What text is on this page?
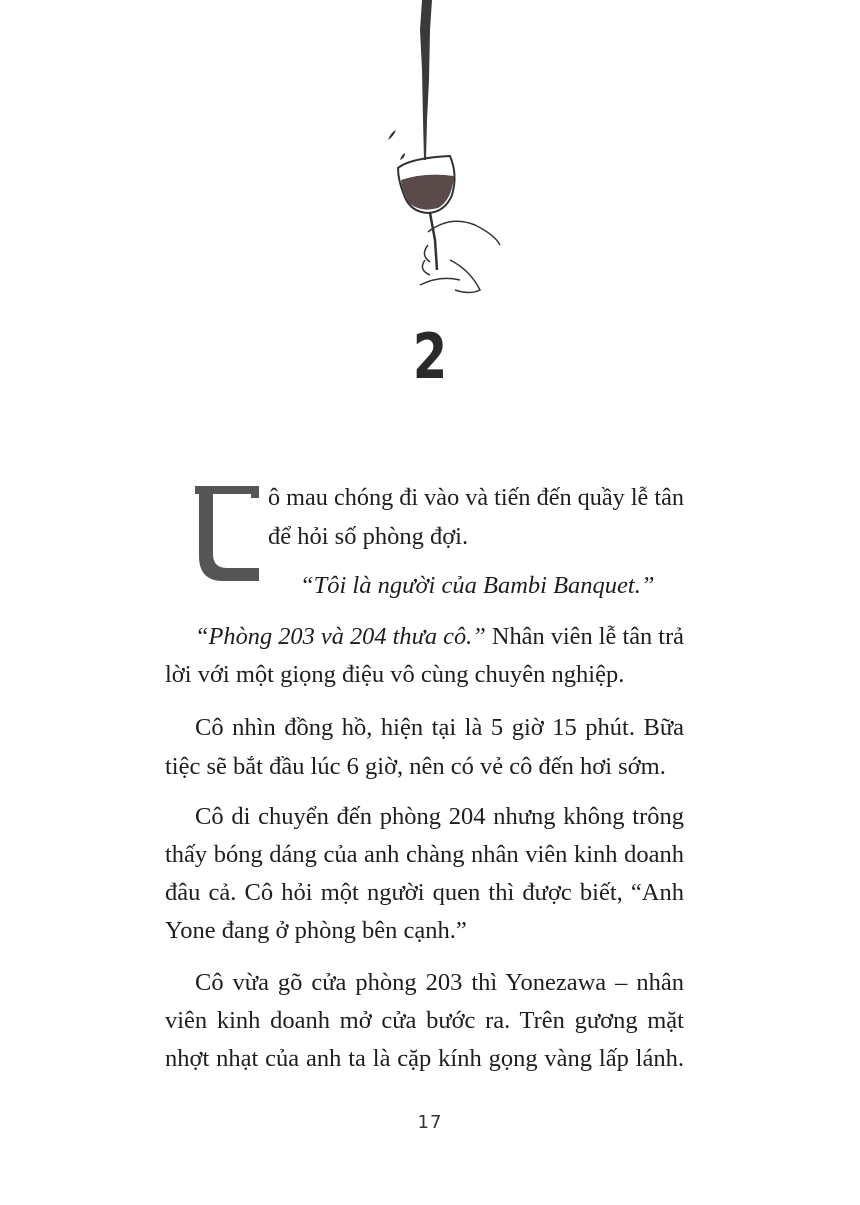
2
ô mau chóng đi vào và tiến đến quầy lễ tân
để hỏi số phòng đợi.
“Tôi là người của Bambi Banquet.”
“Phòng 203 và 204 thưa cô.” Nhân viên lễ tân trả
lời với một giọng điệu vô cùng chuyên nghiệp.
Cô nhìn đồng hồ, hiện tại là 5 giờ 15 phút. Bữa
tiệc sẽ bắt đầu lúc 6 giờ, nên có vẻ cô đến hơi sớm.
Cô di chuyển đến phòng 204 nhưng không trông
thấy bóng dáng của anh chàng nhân viên kinh doanh
đâu cả. Cô hỏi một người quen thì được biết, “Anh
Yone đang ở phòng bên cạnh.”
Cô vừa gõ cửa phòng 203 thì Yonezawa – nhân
viên kinh doanh mở cửa bước ra. Trên gương mặt
nhợt nhạt của anh ta là cặp kính gọng vàng lấp lánh.
17
